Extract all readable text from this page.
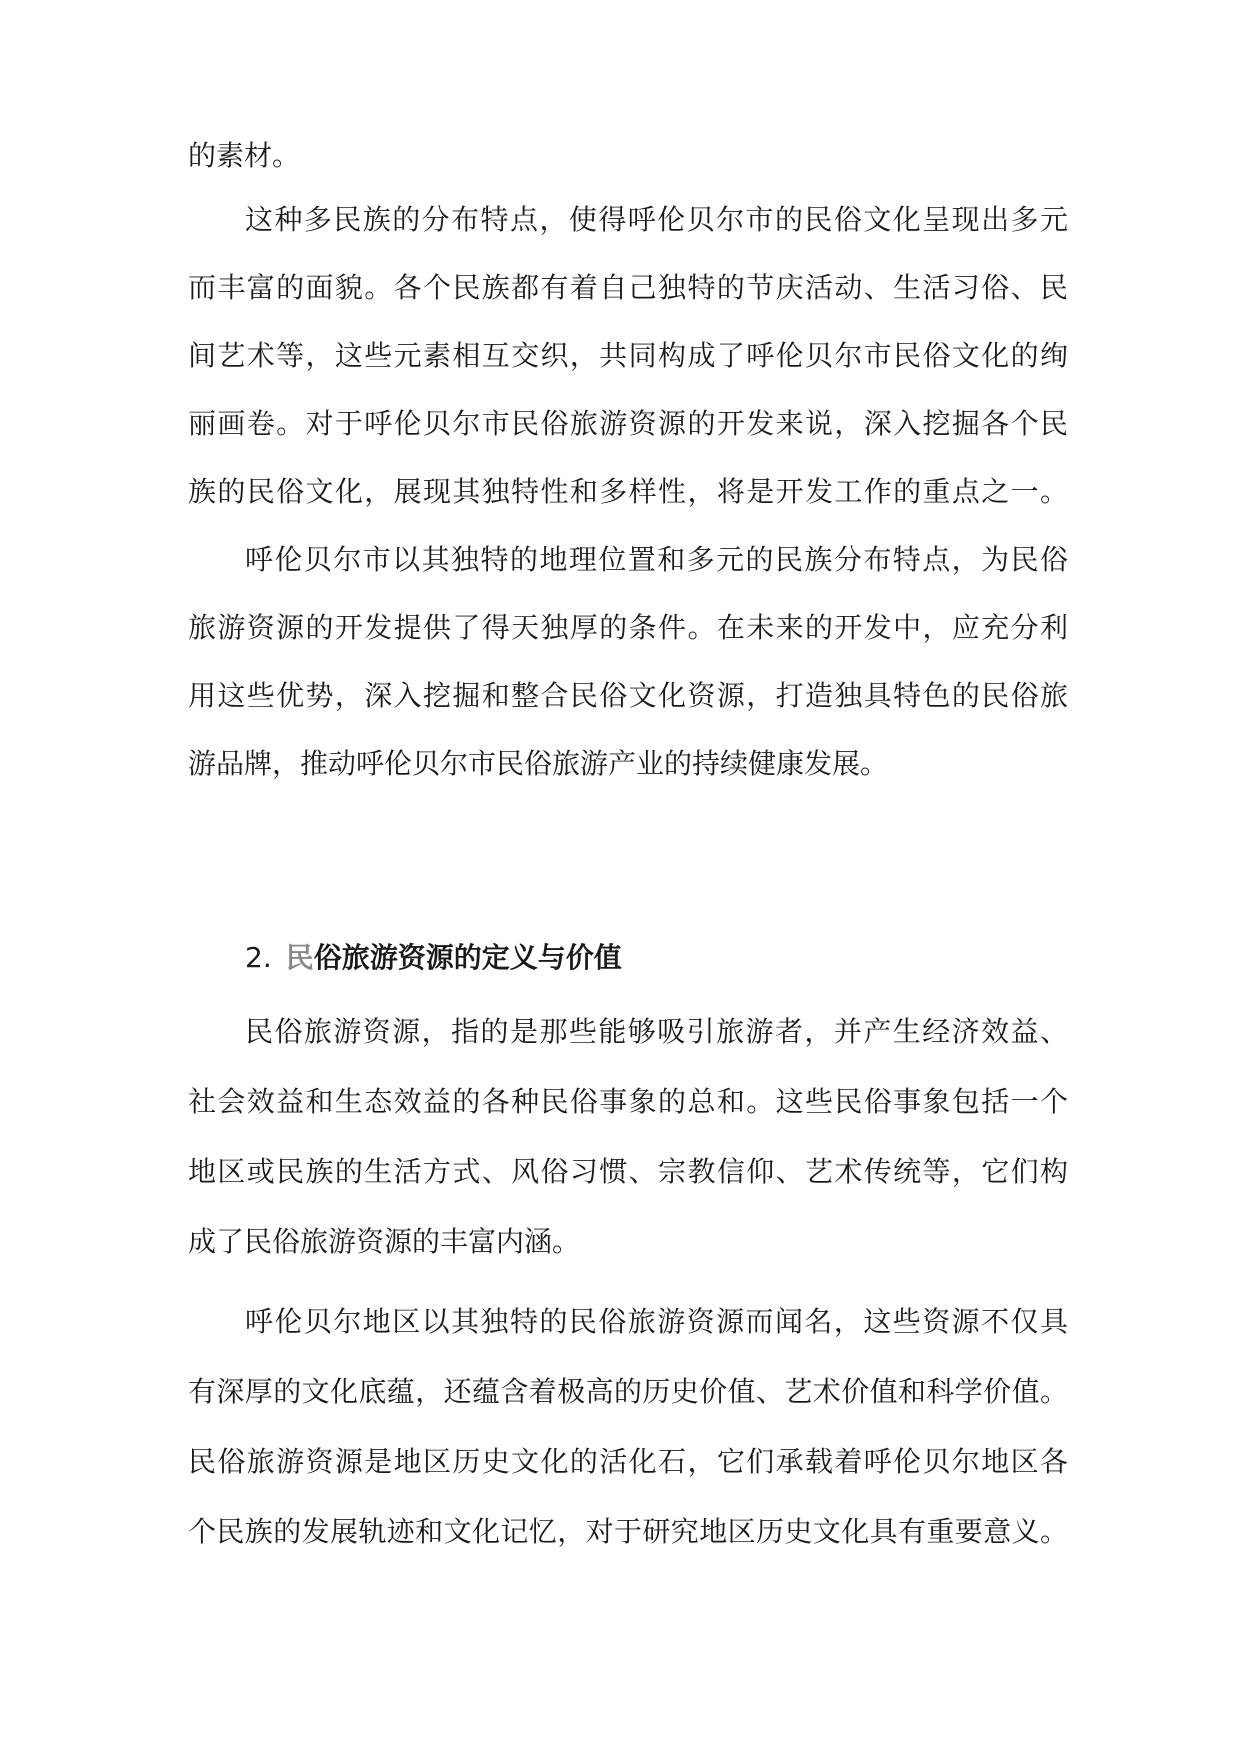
的素材。
这种多民族的分布特点，使得呼伦贝尔市的民俗文化呈现出多元
而丰富的面貌。各个民族都有着自己独特的节庆活动、生活习俗、民
间艺术等，这些元素相互交织，共同构成了呼伦贝尔市民俗文化的绚
丽画卷。对于呼伦贝尔市民俗旅游资源的开发来说，深入挖掘各个民
族的民俗文化，展现其独特性和多样性，将是开发工作的重点之一。
呼伦贝尔市以其独特的地理位置和多元的民族分布特点，为民俗
旅游资源的开发提供了得天独厚的条件。在未来的开发中，应充分利
用这些优势，深入挖掘和整合民俗文化资源，打造独具特色的民俗旅
游品牌，推动呼伦贝尔市民俗旅游产业的持续健康发展。
2. 民俗旅游资源的定义与价值
民俗旅游资源，指的是那些能够吸引旅游者，并产生经济效益、
社会效益和生态效益的各种民俗事象的总和。这些民俗事象包括一个
地区或民族的生活方式、风俗习惯、宗教信仰、艺术传统等，它们构
成了民俗旅游资源的丰富内涵。
呼伦贝尔地区以其独特的民俗旅游资源而闻名，这些资源不仅具
有深厚的文化底蕴，还蕴含着极高的历史价值、艺术价值和科学价值。
民俗旅游资源是地区历史文化的活化石，它们承载着呼伦贝尔地区各
个民族的发展轨迹和文化记忆，对于研究地区历史文化具有重要意义。
